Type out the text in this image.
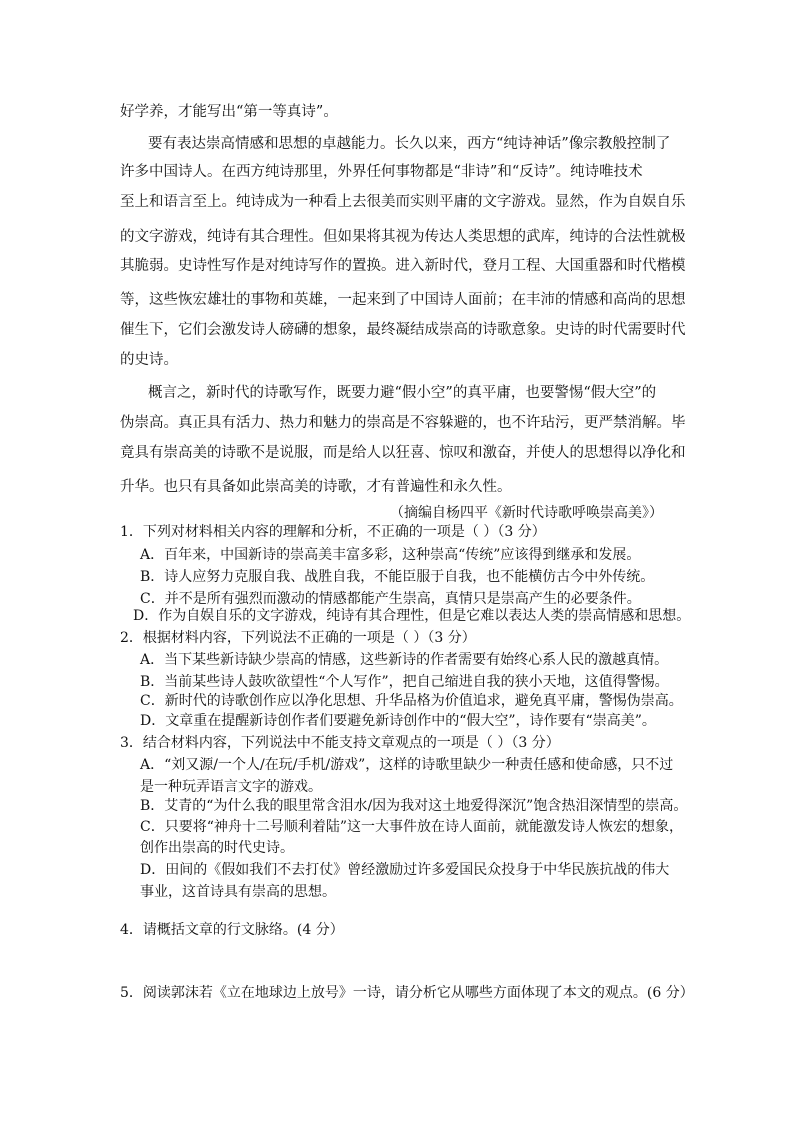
好学养，才能写出“第一等真诗”。
要有表达崇高情感和思想的卓越能力。长久以来，西方“纯诗神话”像宗教般控制了
许多中国诗人。在西方纯诗那里，外界任何事物都是“非诗”和“反诗”。纯诗唯技术
至上和语言至上。纯诗成为一种看上去很美而实则平庸的文字游戏。显然，作为自娱自乐
的文字游戏，纯诗有其合理性。但如果将其视为传达人类思想的武库，纯诗的合法性就极
其脆弱。史诗性写作是对纯诗写作的置换。进入新时代，登月工程、大国重器和时代楷模
等，这些恢宏雄壮的事物和英雄，一起来到了中国诗人面前；在丰沛的情感和高尚的思想
催生下，它们会激发诗人磅礴的想象，最终凝结成崇高的诗歌意象。史诗的时代需要时代
的史诗。
概言之，新时代的诗歌写作，既要力避“假小空”的真平庸，也要警惕“假大空”的
伪崇高。真正具有活力、热力和魅力的崇高是不容躲避的，也不许玷污，更严禁消解。毕
竟具有崇高美的诗歌不是说服，而是给人以狂喜、惊叹和激奋，并使人的思想得以净化和
升华。也只有具备如此崇高美的诗歌，才有普遍性和永久性。
（摘编自杨四平《新时代诗歌呼唤崇高美》）
1．下列对材料相关内容的理解和分析，不正确的一项是（ ）（3 分）
A．百年来，中国新诗的崇高美丰富多彩，这种崇高“传统”应该得到继承和发展。
B．诗人应努力克服自我、战胜自我，不能臣服于自我，也不能横仿古今中外传统。
C．并不是所有强烈而激动的情感都能产生崇高，真情只是崇高产生的必要条件。
D．作为自娱自乐的文字游戏，纯诗有其合理性，但是它难以表达人类的崇高情感和思想。
2．根据材料内容，下列说法不正确的一项是（ ）（3 分）
A．当下某些新诗缺少崇高的情感，这些新诗的作者需要有始终心系人民的激越真情。
B．当前某些诗人鼓吹欲望性“个人写作”，把自己缩进自我的狭小天地，这值得警惕。
C．新时代的诗歌创作应以净化思想、升华品格为价值追求，避免真平庸，警惕伪崇高。
D．文章重在提醒新诗创作者们要避免新诗创作中的“假大空”，诗作要有“崇高美”。
3．结合材料内容，下列说法中不能支持文章观点的一项是（ ）（3 分）
A．“刘又源/一个人/在玩/手机/游戏”，这样的诗歌里缺少一种责任感和使命感，只不过
是一种玩弄语言文字的游戏。
B．艾青的“为什么我的眼里常含泪水/因为我对这土地爱得深沉”饱含热泪深情型的崇高。
C．只要将“神舟十二号顺利着陆”这一大事件放在诗人面前，就能激发诗人恢宏的想象，
创作出崇高的时代史诗。
D．田间的《假如我们不去打仗》曾经激励过许多爱国民众投身于中华民族抗战的伟大
事业，这首诗具有崇高的思想。
4．请概括文章的行文脉络。(4 分）
5．阅读郭沫若《立在地球边上放号》一诗，请分析它从哪些方面体现了本文的观点。(6 分）
